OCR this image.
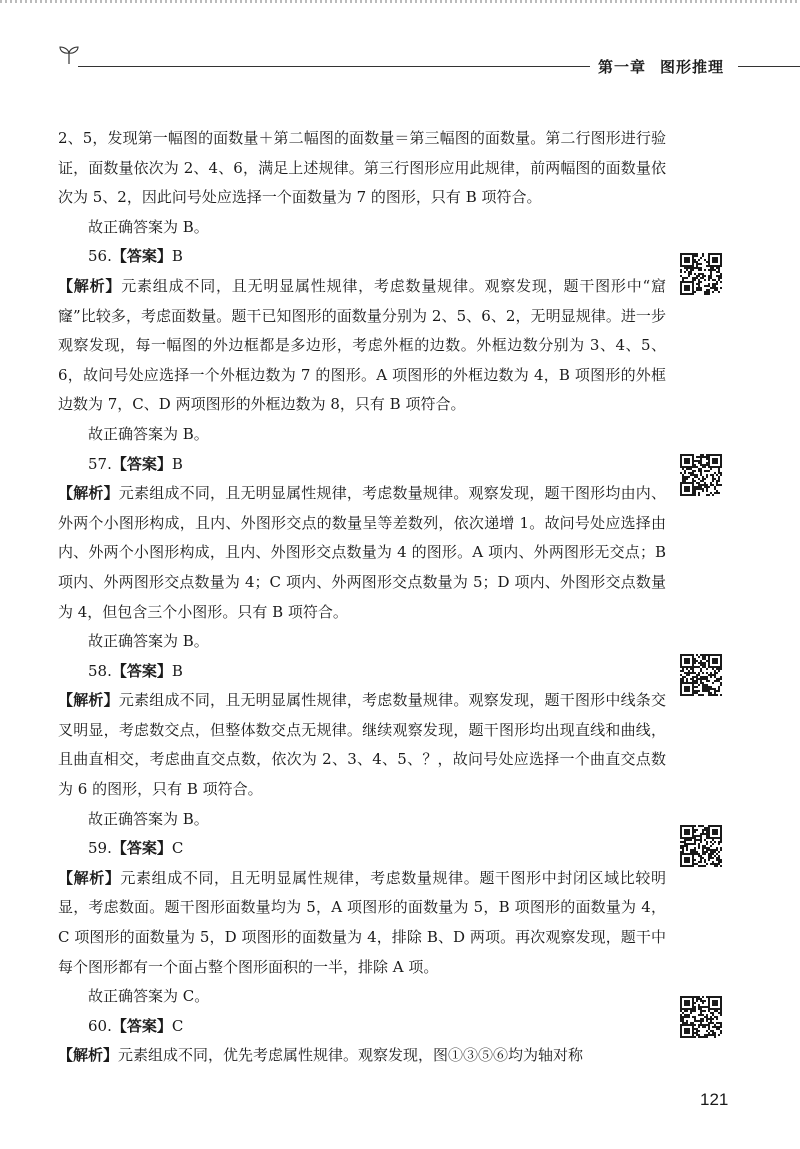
第一章 图形推理

2、5，发现第一幅图的面数量＋第二幅图的面数量＝第三幅图的面数量。第二行图形进行验证，面数量依次为 2、4、6，满足上述规律。第三行图形应用此规律，前两幅图的面数量依次为 5、2，因此问号处应选择一个面数量为 7 的图形，只有 B 项符合。

故正确答案为 B。

56.【答案】B

【解析】元素组成不同，且无明显属性规律，考虑数量规律。观察发现，题干图形中“窟窿”比较多，考虑面数量。题干已知图形的面数量分别为 2、5、6、2，无明显规律。进一步观察发现，每一幅图的外边框都是多边形，考虑外框的边数。外框边数分别为 3、4、5、6，故问号处应选择一个外框边数为 7 的图形。A 项图形的外框边数为 4，B 项图形的外框边数为 7，C、D 两项图形的外框边数为 8，只有 B 项符合。

故正确答案为 B。

57.【答案】B

【解析】元素组成不同，且无明显属性规律，考虑数量规律。观察发现，题干图形均由内、外两个小图形构成，且内、外图形交点的数量呈等差数列，依次递增 1。故问号处应选择由内、外两个小图形构成，且内、外图形交点数量为 4 的图形。A 项内、外两图形无交点；B 项内、外两图形交点数量为 4；C 项内、外两图形交点数量为 5；D 项内、外图形交点数量为 4，但包含三个小图形。只有 B 项符合。

故正确答案为 B。

58.【答案】B

【解析】元素组成不同，且无明显属性规律，考虑数量规律。观察发现，题干图形中线条交叉明显，考虑数交点，但整体数交点无规律。继续观察发现，题干图形均出现直线和曲线，且曲直相交，考虑曲直交点数，依次为 2、3、4、5、？，故问号处应选择一个曲直交点数为 6 的图形，只有 B 项符合。

故正确答案为 B。

59.【答案】C

【解析】元素组成不同，且无明显属性规律，考虑数量规律。题干图形中封闭区域比较明显，考虑数面。题干图形面数量均为 5，A 项图形的面数量为 5，B 项图形的面数量为 4，C 项图形的面数量为 5，D 项图形的面数量为 4，排除 B、D 两项。再次观察发现，题干中每个图形都有一个面占整个图形面积的一半，排除 A 项。

故正确答案为 C。

60.【答案】C

【解析】元素组成不同，优先考虑属性规律。观察发现，图①③⑤⑥均为轴对称

121
